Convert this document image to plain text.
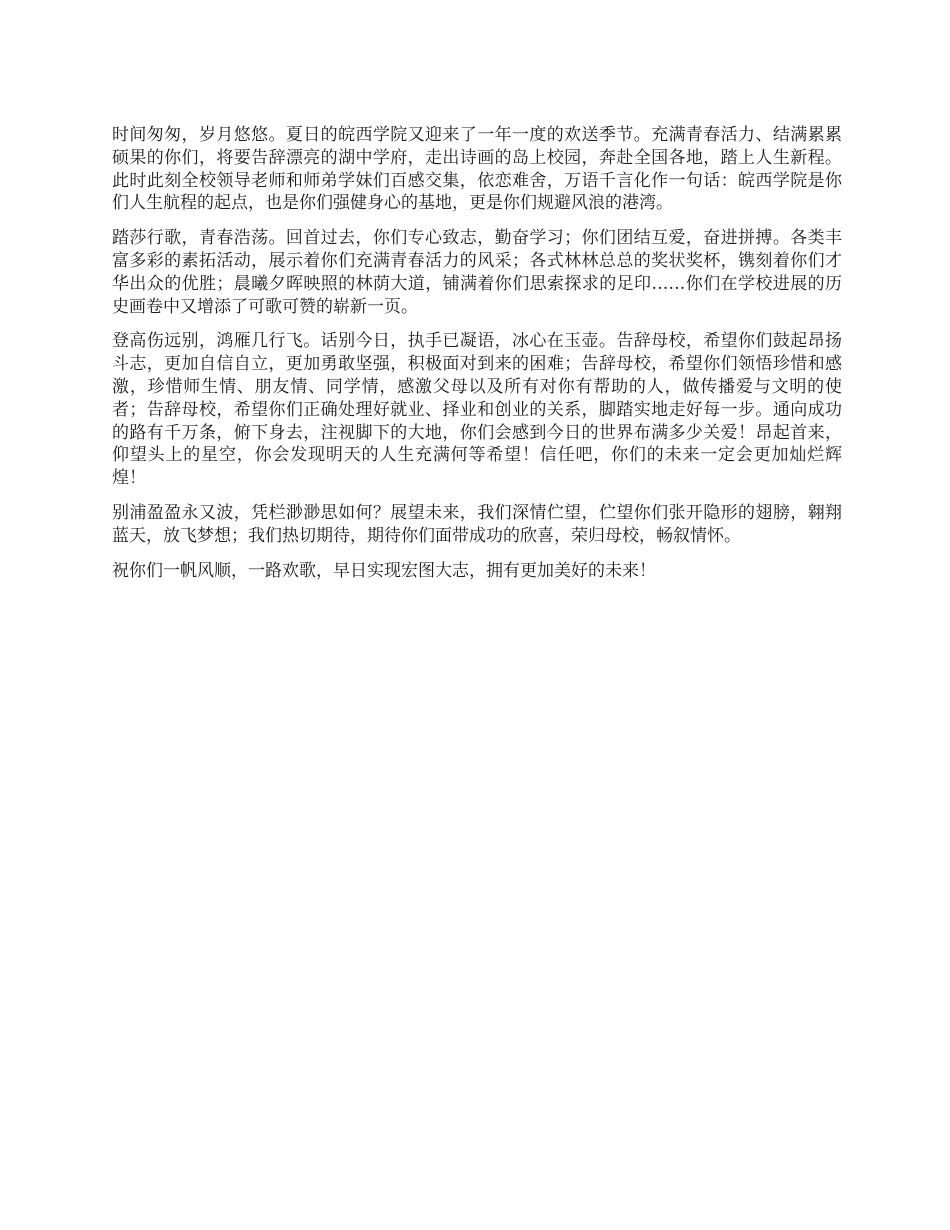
时间匆匆，岁月悠悠。夏日的皖西学院又迎来了一年一度的欢送季节。充满青春活力、结满累累硕果的你们，将要告辞漂亮的湖中学府，走出诗画的岛上校园，奔赴全国各地，踏上人生新程。此时此刻全校领导老师和师弟学妹们百感交集，依恋难舍，万语千言化作一句话：皖西学院是你们人生航程的起点，也是你们强健身心的基地，更是你们规避风浪的港湾。

踏莎行歌，青春浩荡。回首过去，你们专心致志，勤奋学习；你们团结互爱，奋进拼搏。各类丰富多彩的素拓活动，展示着你们充满青春活力的风采；各式林林总总的奖状奖杯，镌刻着你们才华出众的优胜；晨曦夕晖映照的林荫大道，铺满着你们思索探求的足印……你们在学校进展的历史画卷中又增添了可歌可赞的崭新一页。

登高伤远别，鸿雁几行飞。话别今日，执手已凝语，冰心在玉壶。告辞母校，希望你们鼓起昂扬斗志，更加自信自立，更加勇敢坚强，积极面对到来的困难；告辞母校，希望你们领悟珍惜和感激，珍惜师生情、朋友情、同学情，感激父母以及所有对你有帮助的人，做传播爱与文明的使者；告辞母校，希望你们正确处理好就业、择业和创业的关系，脚踏实地走好每一步。通向成功的路有千万条，俯下身去，注视脚下的大地，你们会感到今日的世界布满多少关爱！昂起首来，仰望头上的星空，你会发现明天的人生充满何等希望！信任吧，你们的未来一定会更加灿烂辉煌！

别浦盈盈永又波，凭栏渺渺思如何？展望未来，我们深情伫望，伫望你们张开隐形的翅膀，翱翔蓝天，放飞梦想；我们热切期待，期待你们面带成功的欣喜，荣归母校，畅叙情怀。

祝你们一帆风顺，一路欢歌，早日实现宏图大志，拥有更加美好的未来！
